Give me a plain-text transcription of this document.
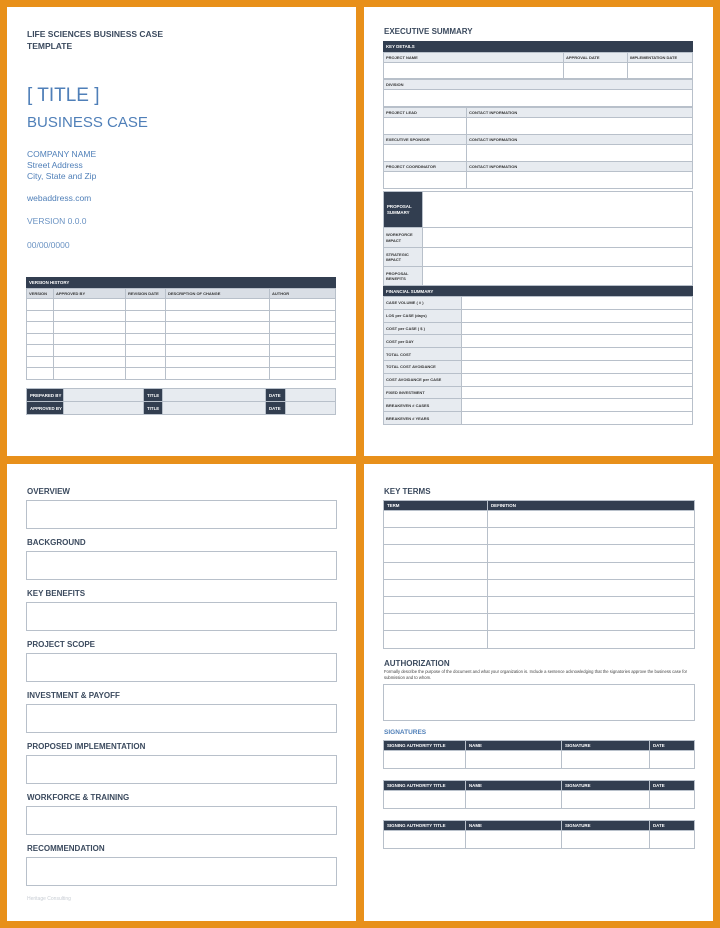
LIFE SCIENCES BUSINESS CASE
TEMPLATE
[ TITLE ]
BUSINESS CASE
COMPANY NAME
Street Address
City, State and Zip
webaddress.com
VERSION 0.0.0
00/00/0000
VERSION HISTORY
VERSION	APPROVED BY	REVISION DATE	DESCRIPTION OF CHANGE	AUTHOR

PREPARED BY		TITLE		DATE	
APPROVED BY		TITLE		DATE	
EXECUTIVE SUMMARY
KEY DETAILS
PROJECT NAME	APPROVAL DATE	IMPLEMENTATION DATE

DIVISION

PROJECT LEAD	CONTACT INFORMATION

EXECUTIVE SPONSOR	CONTACT INFORMATION

PROJECT COORDINATOR	CONTACT INFORMATION

PROPOSAL SUMMARY	
WORKFORCE IMPACT	
STRATEGIC IMPACT	
PROPOSAL BENEFITS	
FINANCIAL SUMMARY
CASE VOLUME ( # )	
LOS per CASE (days)	
COST per CASE ( $ )	
COST per DAY	
TOTAL COST	
TOTAL COST AVOIDANCE	
COST AVOIDANCE per CASE	
FIXED INVESTMENT	
BREAKEVEN # CASES	
BREAKEVEN # YEARS	
OVERVIEW
BACKGROUND
KEY BENEFITS
PROJECT SCOPE
INVESTMENT & PAYOFF
PROPOSED IMPLEMENTATION
WORKFORCE & TRAINING
RECOMMENDATION
Heritage Consulting
KEY TERMS
TERM	DEFINITION

AUTHORIZATION
Formally describe the purpose of the document and what your organization is. Include a sentence acknowledging that the signatories approve the business case for submission and to whom.
SIGNATURES
SIGNING AUTHORITY TITLE	NAME	SIGNATURE	DATE

SIGNING AUTHORITY TITLE	NAME	SIGNATURE	DATE

SIGNING AUTHORITY TITLE	NAME	SIGNATURE	DATE
